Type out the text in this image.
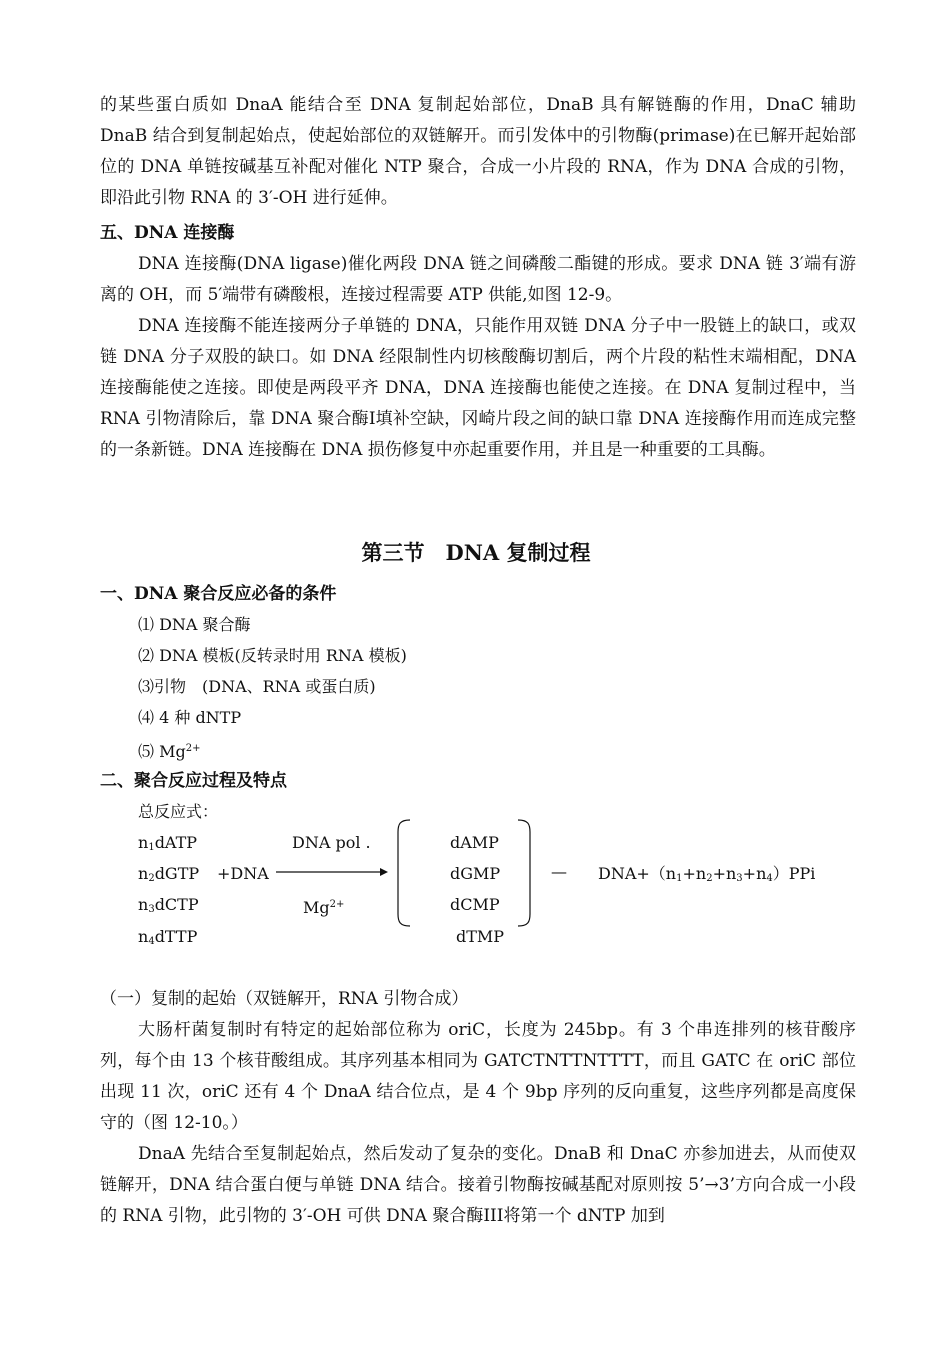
的某些蛋白质如 DnaA 能结合至 DNA 复制起始部位，DnaB 具有解链酶的作用，DnaC 辅助 DnaB 结合到复制起始点，使起始部位的双链解开。而引发体中的引物酶(primase)在已解开起始部位的 DNA 单链按碱基互补配对催化 NTP 聚合，合成一小片段的 RNA，作为 DNA 合成的引物，即沿此引物 RNA 的 3′-OH 进行延伸。

五、DNA 连接酶

DNA 连接酶(DNA ligase)催化两段 DNA 链之间磷酸二酯键的形成。要求 DNA 链 3′端有游离的 OH，而 5′端带有磷酸根，连接过程需要 ATP 供能,如图 12-9。

DNA 连接酶不能连接两分子单链的 DNA，只能作用双链 DNA 分子中一股链上的缺口，或双链 DNA 分子双股的缺口。如 DNA 经限制性内切核酸酶切割后，两个片段的粘性末端相配，DNA 连接酶能使之连接。即使是两段平齐 DNA，DNA 连接酶也能使之连接。在 DNA 复制过程中，当 RNA 引物清除后，靠 DNA 聚合酶Ⅰ填补空缺，冈崎片段之间的缺口靠 DNA 连接酶作用而连成完整的一条新链。DNA 连接酶在 DNA 损伤修复中亦起重要作用，并且是一种重要的工具酶。

第三节　DNA 复制过程

一、DNA 聚合反应必备的条件

⑴ DNA 聚合酶
⑵ DNA 模板(反转录时用 RNA 模板)
⑶引物　(DNA、RNA 或蛋白质)
⑷ 4 种 dNTP
⑸ $Mg^{2+}$

二、聚合反应过程及特点

总反应式：
$n_1dATP$
$n_2dGTP$
$n_3dCTP$
$n_4dTTP$
+DNA
DNA pol .
$Mg^{2+}$
dAMP
dGMP
dCMP
dTMP
— $DNA+(n_1+n_2+n_3+n_4)PPi$

（一）复制的起始（双链解开，RNA 引物合成）

大肠杆菌复制时有特定的起始部位称为 oriC，长度为 245bp。有 3 个串连排列的核苷酸序列，每个由 13 个核苷酸组成。其序列基本相同为 GATCTNTTNTTTT，而且 GATC 在 oriC 部位出现 11 次，oriC 还有 4 个 DnaA 结合位点，是 4 个 9bp 序列的反向重复，这些序列都是高度保守的（图 12-10。）

DnaA 先结合至复制起始点，然后发动了复杂的变化。DnaB 和 DnaC 亦参加进去，从而使双链解开，DNA 结合蛋白便与单链 DNA 结合。接着引物酶按碱基配对原则按 5’→3’方向合成一小段的 RNA 引物，此引物的 3′-OH 可供 DNA 聚合酶III将第一个 dNTP 加到
